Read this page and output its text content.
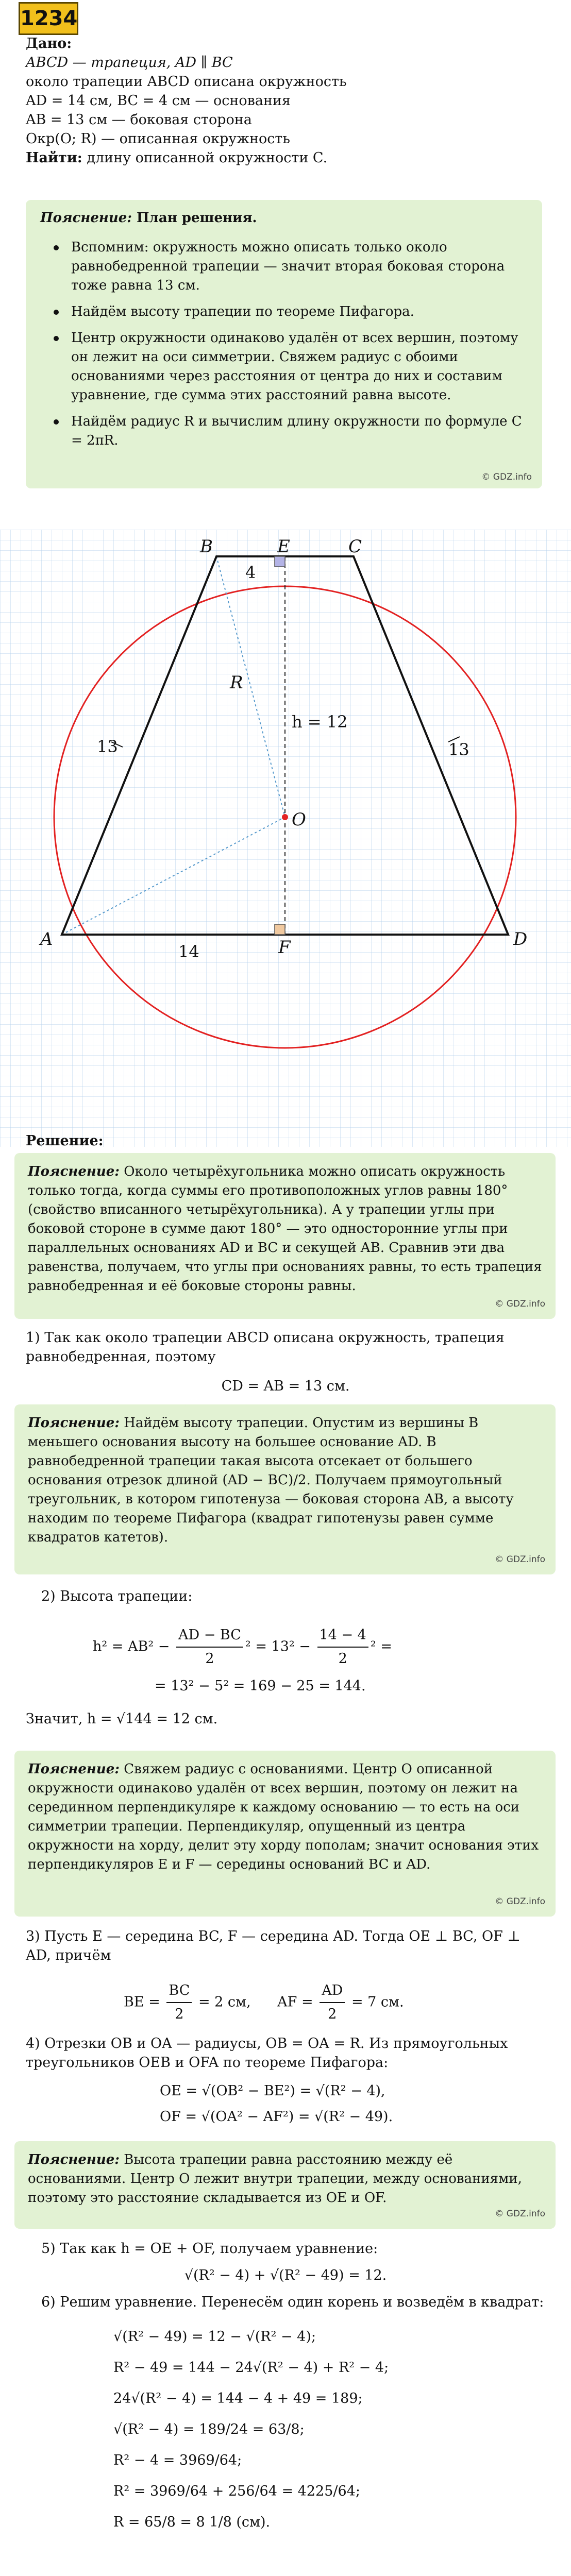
1234
Дано:
ABCD — трапеция, AD ∥ BC
около трапеции ABCD описана окружность
AD = 14 см, BC = 4 см — основания
AB = 13 см — боковая сторона
Окр(O; R) — описанная окружность
Найти: длину описанной окружности C.
Пояснение: План решения.
Вспомним: окружность можно описать только около равнобедренной трапеции — значит вторая боковая сторона тоже равна 13 см.
Найдём высоту трапеции по теореме Пифагора.
Центр окружности одинаково удалён от всех вершин, поэтому он лежит на оси симметрии. Свяжем радиус с обоими основаниями через расстояния от центра до них и составим уравнение, где сумма этих расстояний равна высоте.
Найдём радиус R и вычислим длину окружности по формуле C = 2πR.
© GDZ.info
B	E	C
A	D
F
O
R
4
13	13
14
h = 12
Решение:
Пояснение: Около четырёхугольника можно описать окружность только тогда, когда суммы его противоположных углов равны 180° (свойство вписанного четырёхугольника). А у трапеции углы при боковой стороне в сумме дают 180° — это односторонние углы при параллельных основаниях AD и BC и секущей AB. Сравнив эти два равенства, получаем, что углы при основаниях равны, то есть трапеция равнобедренная и её боковые стороны равны.
© GDZ.info
1) Так как около трапеции ABCD описана окружность, трапеция равнобедренная, поэтому
CD = AB = 13 см.
Пояснение: Найдём высоту трапеции. Опустим из вершины B меньшего основания высоту на большее основание AD. В равнобедренной трапеции такая высота отсекает от большего основания отрезок длиной (AD − BC)/2. Получаем прямоугольный треугольник, в котором гипотенуза — боковая сторона AB, а высоту находим по теореме Пифагора (квадрат гипотенузы равен сумме квадратов катетов).
© GDZ.info
2) Высота трапеции:
$h^2 = AB^2 - \frac{AD - BC}{2} ^2 = 13^2 - \frac{14 - 4}{2} ^2$ =
= 13² − 5² = 169 − 25 = 144.
Значит, h = √144 = 12 см.
Пояснение: Свяжем радиус с основаниями. Центр O описанной окружности одинаково удалён от всех вершин, поэтому он лежит на серединном перпендикуляре к каждому основанию — то есть на оси симметрии трапеции. Перпендикуляр, опущенный из центра окружности на хорду, делит эту хорду пополам; значит основания этих перпендикуляров E и F — середины оснований BC и AD.
© GDZ.info
3) Пусть E — середина BC, F — середина AD. Тогда OE ⊥ BC, OF ⊥ AD, причём
BE = $\frac{BC}{2} = 2$ см, AF = $\frac{AD}{2} = 7$ см.
4) Отрезки OB и OA — радиусы, OB = OA = R. Из прямоугольных треугольников OEB и OFA по теореме Пифагора:
OE = √(OB² − BE²) = √(R² − 4),
OF = √(OA² − AF²) = √(R² − 49).
Пояснение: Высота трапеции равна расстоянию между её основаниями. Центр O лежит внутри трапеции, между основаниями, поэтому это расстояние складывается из OE и OF.
© GDZ.info
5) Так как h = OE + OF, получаем уравнение:
√(R² − 4) + √(R² − 49) = 12.
6) Решим уравнение. Перенесём один корень и возведём в квадрат:
√(R² − 49) = 12 − √(R² − 4);
R² − 49 = 144 − 24√(R² − 4) + R² − 4;
24√(R² − 4) = 144 − 4 + 49 = 189;
√(R² − 4) = 189/24 = 63/8;
R² − 4 = 3969/64;
R² = 3969/64 + 256/64 = 4225/64;
R = 65/8 = 8 1/8 (см).
